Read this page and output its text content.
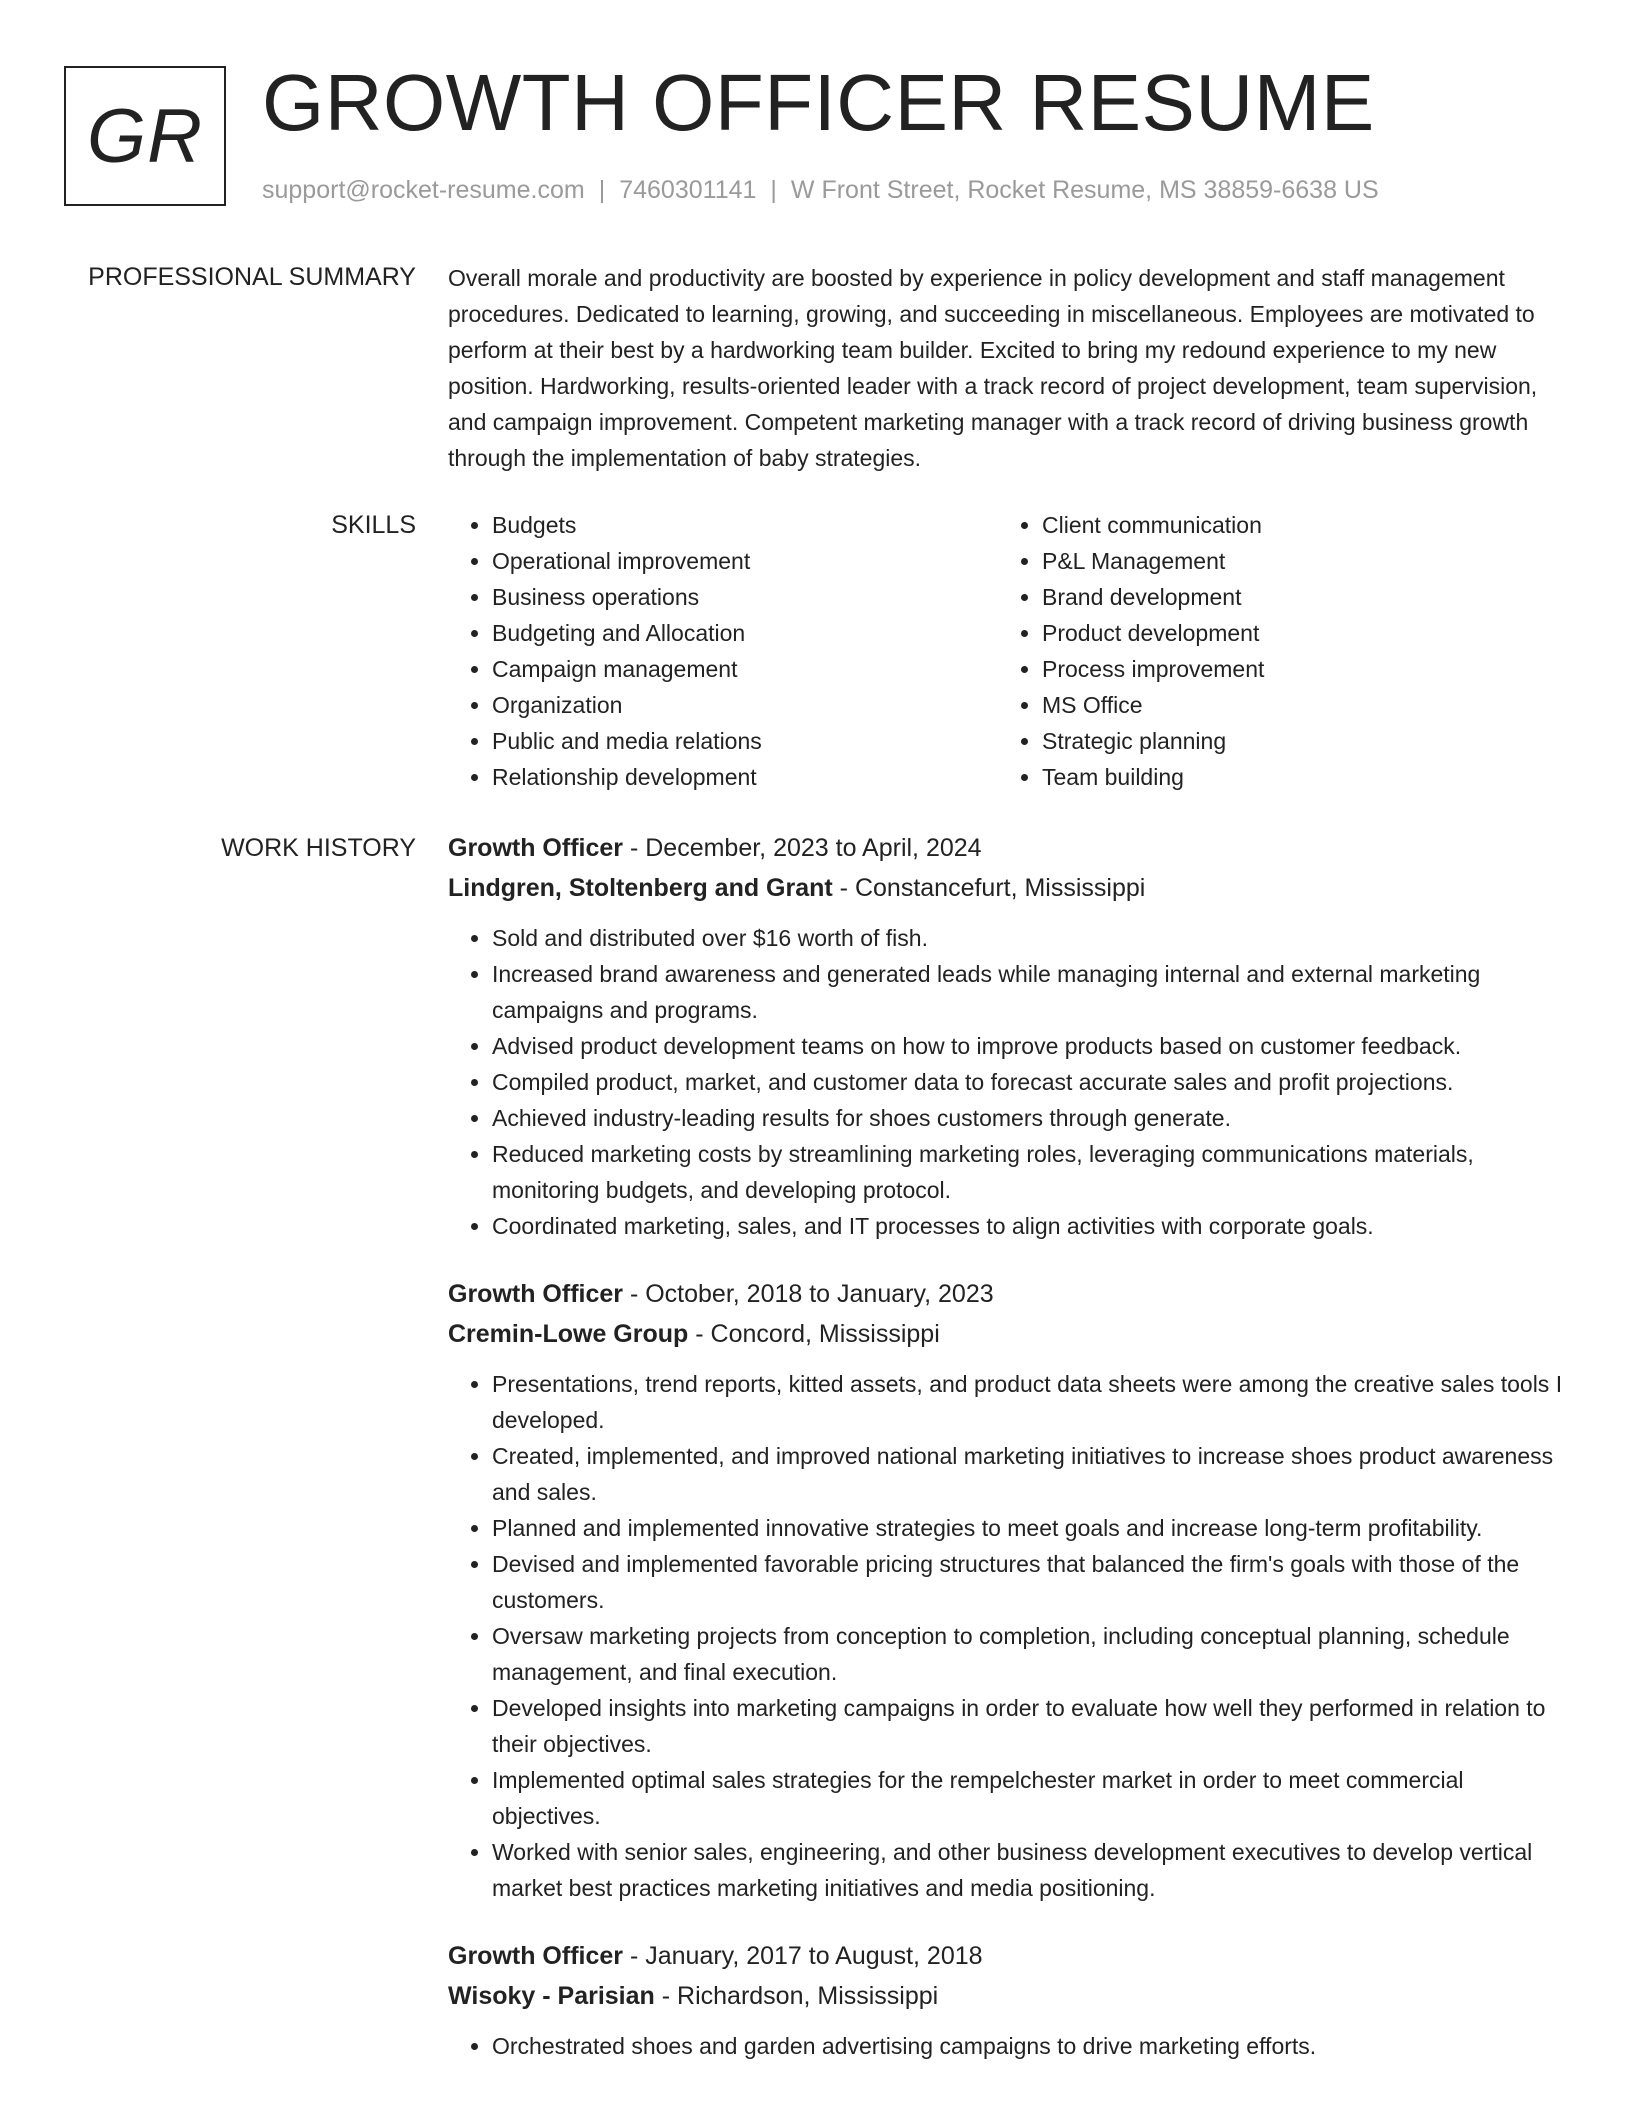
GR GROWTH OFFICER RESUME
support@rocket-resume.com | 7460301141 | W Front Street, Rocket Resume, MS 38859-6638 US
PROFESSIONAL SUMMARY Overall morale and productivity are boosted by experience in policy development and staff management procedures. Dedicated to learning, growing, and succeeding in miscellaneous. Employees are motivated to perform at their best by a hardworking team builder. Excited to bring my redound experience to my new position. Hardworking, results-oriented leader with a track record of project development, team supervision, and campaign improvement. Competent marketing manager with a track record of driving business growth through the implementation of baby strategies.

SKILLS
•	Budgets
• Operational improvement
• Business operations
• Budgeting and Allocation
• Campaign management
• Organization
• Public and media relations
• Relationship development
• Client communication
• P&L Management
• Brand development
• Product development
• Process improvement
• MS Office
• Strategic planning
• Team building
WORK HISTORY Growth Officer - December, 2023 to April, 2024
Lindgren, Stoltenberg and Grant - Constancefurt, Mississippi
• Sold and distributed over $16 worth of fish.
• Increased brand awareness and generated leads while managing internal and external marketing campaigns and programs.
• Advised product development teams on how to improve products based on customer feedback.
• Compiled product, market, and customer data to forecast accurate sales and profit projections.
• Achieved industry-leading results for shoes customers through generate.
• Reduced marketing costs by streamlining marketing roles, leveraging communications materials, monitoring budgets, and developing protocol.
• Coordinated marketing, sales, and IT processes to align activities with corporate goals.
Growth Officer - October, 2018 to January, 2023
Cremin-Lowe Group - Concord, Mississippi
• Presentations, trend reports, kitted assets, and product data sheets were among the creative sales tools I developed.
• Created, implemented, and improved national marketing initiatives to increase shoes product awareness and sales.
• Planned and implemented innovative strategies to meet goals and increase long-term profitability.
• Devised and implemented favorable pricing structures that balanced the firm's goals with those of the customers.
• Oversaw marketing projects from conception to completion, including conceptual planning, schedule management, and final execution.
• Developed insights into marketing campaigns in order to evaluate how well they performed in relation to their objectives.
• Implemented optimal sales strategies for the rempelchester market in order to meet commercial objectives.
• Worked with senior sales, engineering, and other business development executives to develop vertical market best practices marketing initiatives and media positioning.
Growth Officer - January, 2017 to August, 2018
Wisoky - Parisian - Richardson, Mississippi
• Orchestrated shoes and garden advertising campaigns to drive marketing efforts.
